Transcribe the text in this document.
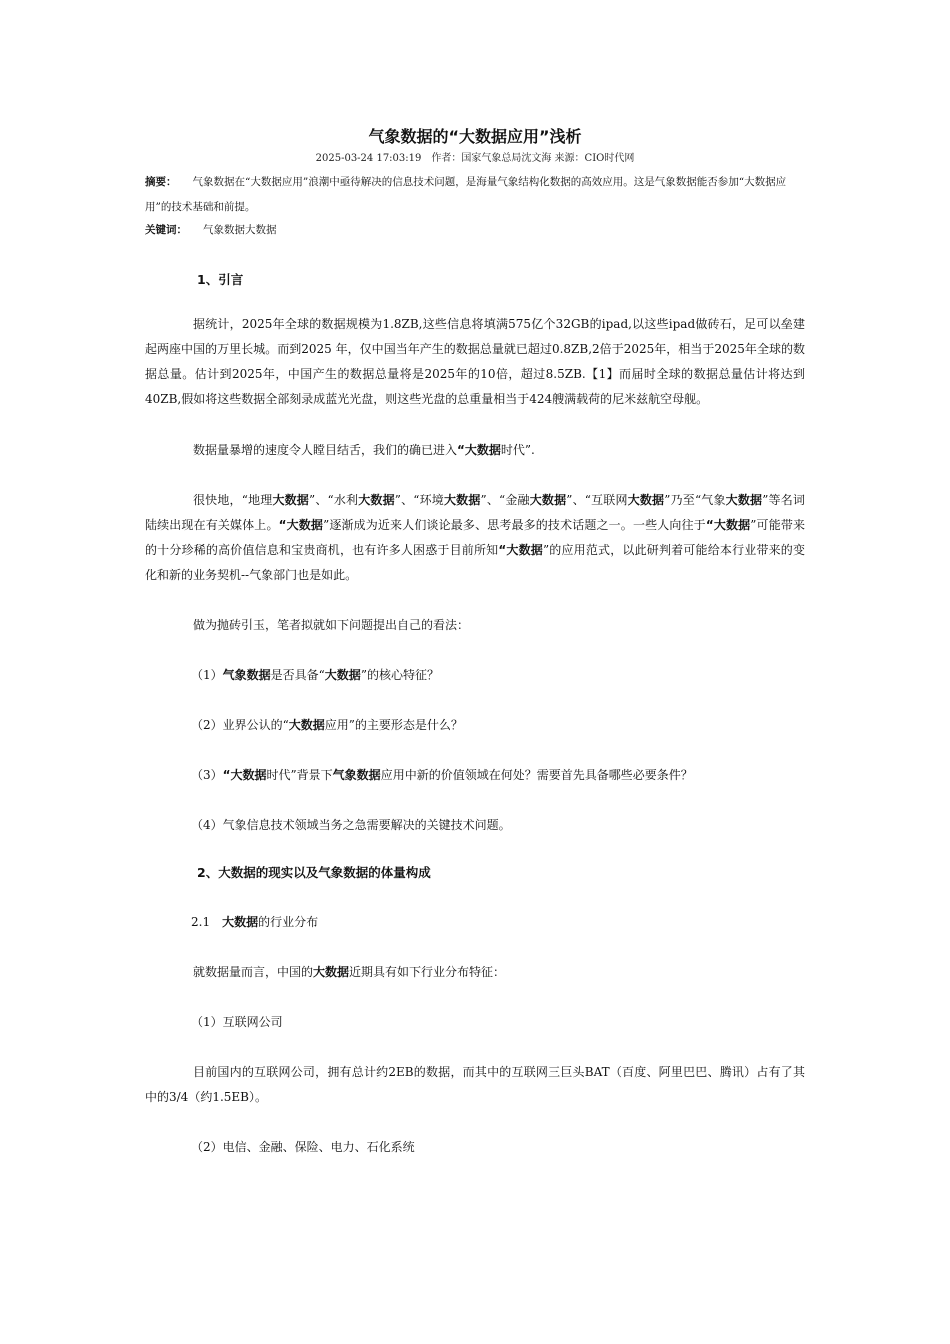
气象数据的“大数据应用”浅析
2025-03-24 17:03:19　作者：国家气象总局沈文海 来源：CIO时代网
摘要： 气象数据在“大数据应用”浪潮中亟待解决的信息技术问题，是海量气象结构化数据的高效应用。这是气象数据能否参加“大数据应用”的技术基础和前提。
关键词： 气象数据大数据
1、引言

据统计，2025年全球的数据规模为1.8ZB,这些信息将填满575亿个32GB的ipad,以这些ipad做砖石，足可以垒建起两座中国的万里长城。而到2025 年，仅中国当年产生的数据总量就已超过0.8ZB,2倍于2025年，相当于2025年全球的数据总量。估计到2025年，中国产生的数据总量将是2025年的10倍，超过8.5ZB.【1】而届时全球的数据总量估计将达到40ZB,假如将这些数据全部刻录成蓝光光盘，则这些光盘的总重量相当于424艘满载荷的尼米兹航空母舰。

数据量暴增的速度令人瞠目结舌，我们的确已进入“大数据时代”.

很快地，“地理大数据”、“水利大数据”、“环境大数据”、“金融大数据”、“互联网大数据”乃至“气象大数据”等名词陆续出现在有关媒体上。“大数据”逐渐成为近来人们谈论最多、思考最多的技术话题之一。一些人向往于“大数据”可能带来的十分珍稀的高价值信息和宝贵商机，也有许多人困惑于目前所知“大数据”的应用范式，以此研判着可能给本行业带来的变化和新的业务契机--气象部门也是如此。

做为抛砖引玉，笔者拟就如下问题提出自己的看法：

（1）气象数据是否具备“大数据”的核心特征？

（2）业界公认的“大数据应用”的主要形态是什么？

（3）“大数据时代”背景下气象数据应用中新的价值领域在何处？需要首先具备哪些必要条件？

（4）气象信息技术领域当务之急需要解决的关键技术问题。

2、大数据的现实以及气象数据的体量构成

2.1　大数据的行业分布

就数据量而言，中国的大数据近期具有如下行业分布特征：

（1）互联网公司

目前国内的互联网公司，拥有总计约2EB的数据，而其中的互联网三巨头BAT（百度、阿里巴巴、腾讯）占有了其中的3/4（约1.5EB）。

（2）电信、金融、保险、电力、石化系统
